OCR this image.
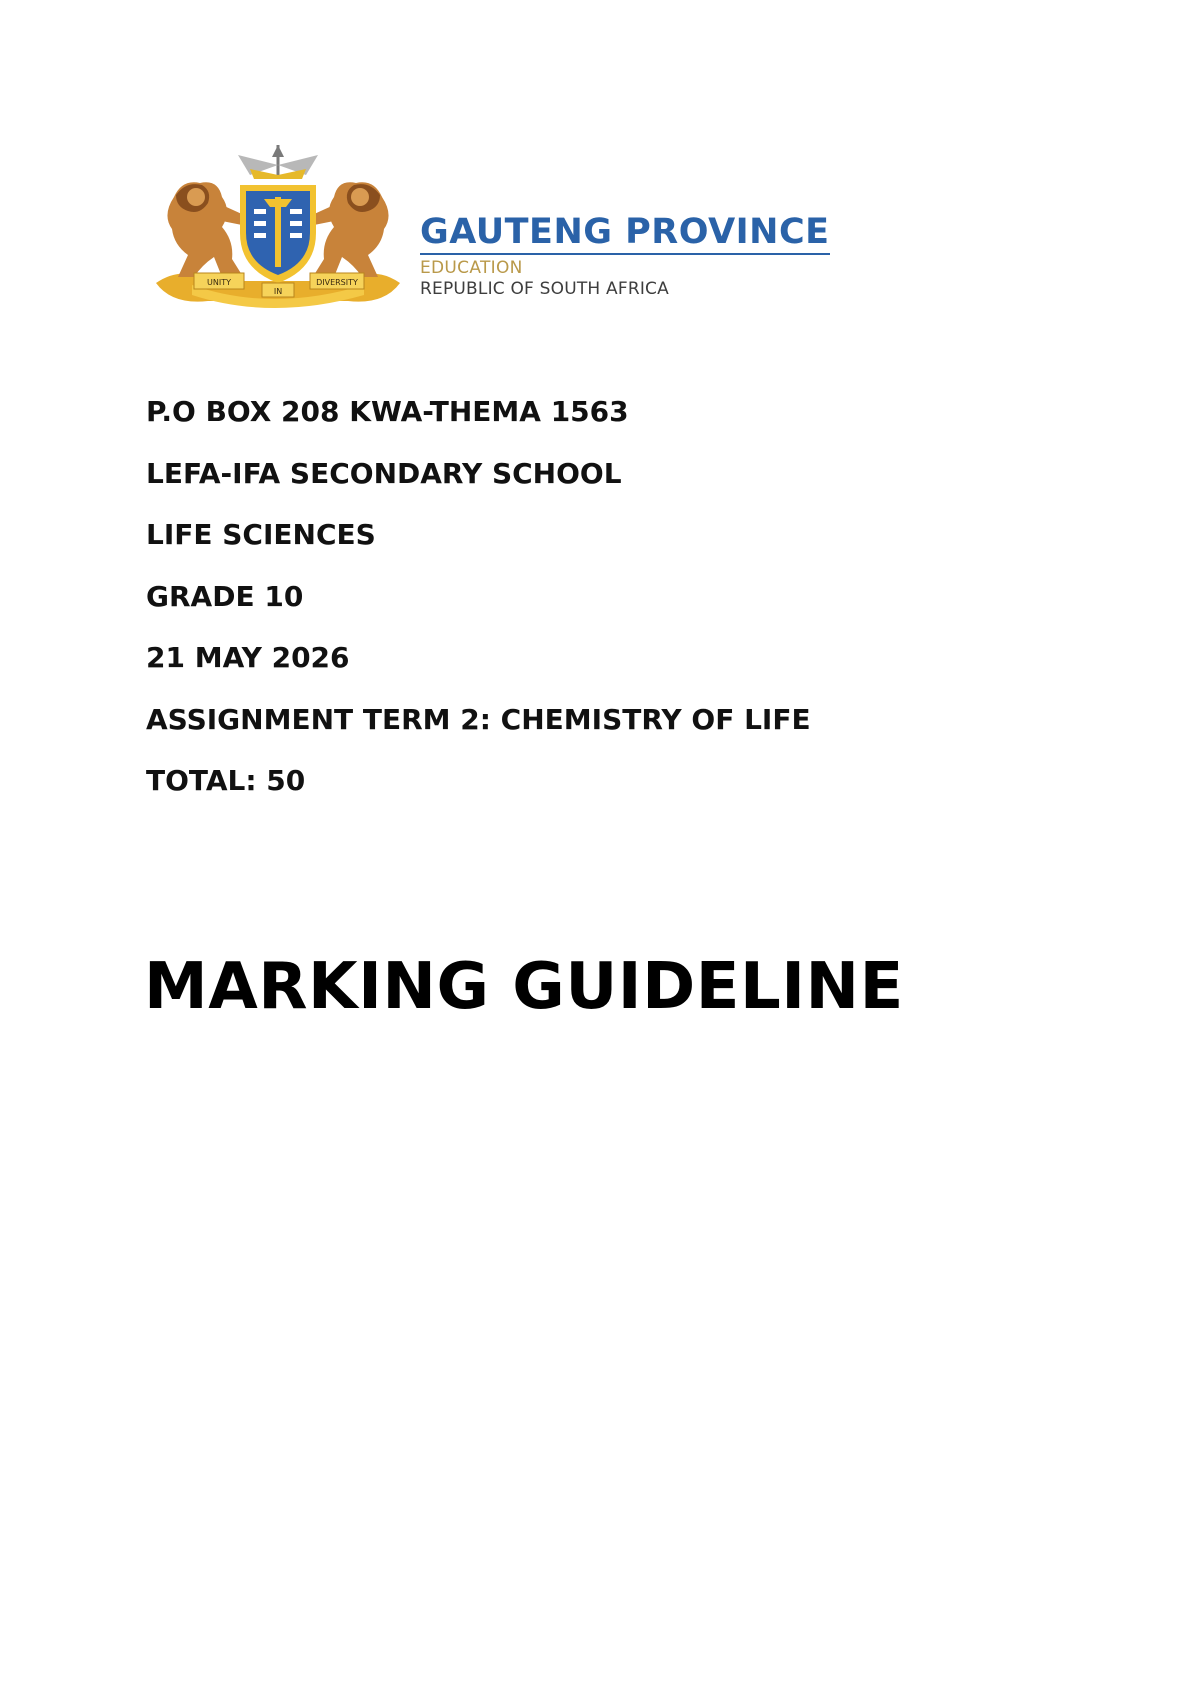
UNITY
IN
DIVERSITY
GAUTENG PROVINCE
EDUCATION
REPUBLIC OF SOUTH AFRICA
P.O BOX 208 KWA-THEMA 1563
LEFA-IFA SECONDARY SCHOOL
LIFE SCIENCES
GRADE 10
21 MAY 2026
ASSIGNMENT TERM 2: CHEMISTRY OF LIFE
TOTAL: 50
MARKING GUIDELINE
